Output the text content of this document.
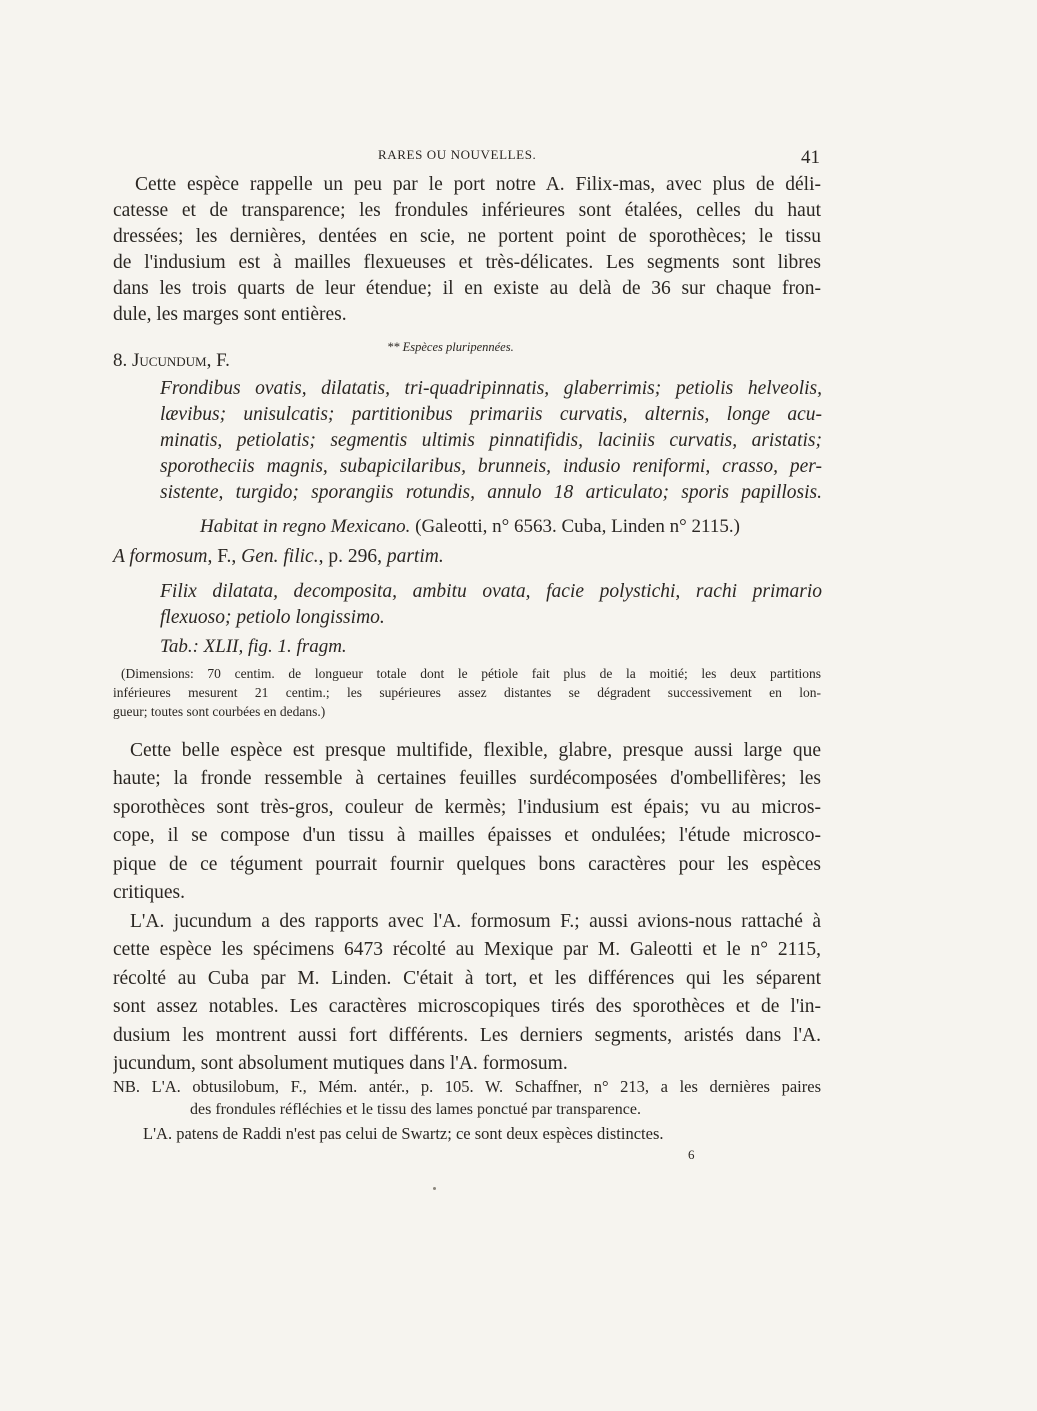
RARES OU NOUVELLES.	41
Cette espèce rappelle un peu par le port notre A. Filix-mas, avec plus de déli-
catesse et de transparence; les frondules inférieures sont étalées, celles du haut
dressées; les dernières, dentées en scie, ne portent point de sporothèces; le tissu
de l'indusium est à mailles flexueuses et très-délicates. Les segments sont libres
dans les trois quarts de leur étendue; il en existe au delà de 36 sur chaque fron-
dule, les marges sont entières.
** Espèces pluripennées.
8. Jucundum, F.
Frondibus ovatis, dilatatis, tri-quadripinnatis, glaberrimis; petiolis helveolis,
lævibus; unisulcatis; partitionibus primariis curvatis, alternis, longe acu-
minatis, petiolatis; segmentis ultimis pinnatifidis, laciniis curvatis, aristatis;
sporotheciis magnis, subapicilaribus, brunneis, indusio reniformi, crasso, per-
sistente, turgido; sporangiis rotundis, annulo 18 articulato; sporis papillosis.
Habitat in regno Mexicano. (Galeotti, n° 6563. Cuba, Linden n° 2115.)
A formosum, F., Gen. filic., p. 296, partim.
Filix dilatata, decomposita, ambitu ovata, facie polystichi, rachi primario
flexuoso; petiolo longissimo.
Tab.: XLII, fig. 1. fragm.
(Dimensions: 70 centim. de longueur totale dont le pétiole fait plus de la moitié; les deux partitions
inférieures mesurent 21 centim.; les supérieures assez distantes se dégradent successivement en lon-
gueur; toutes sont courbées en dedans.)
Cette belle espèce est presque multifide, flexible, glabre, presque aussi large que
haute; la fronde ressemble à certaines feuilles surdécomposées d'ombellifères; les
sporothèces sont très-gros, couleur de kermès; l'indusium est épais; vu au micros-
cope, il se compose d'un tissu à mailles épaisses et ondulées; l'étude microsco-
pique de ce tégument pourrait fournir quelques bons caractères pour les espèces
critiques.
L'A. jucundum a des rapports avec l'A. formosum F.; aussi avions-nous rattaché à
cette espèce les spécimens 6473 récolté au Mexique par M. Galeotti et le n° 2115,
récolté au Cuba par M. Linden. C'était à tort, et les différences qui les séparent
sont assez notables. Les caractères microscopiques tirés des sporothèces et de l'in-
dusium les montrent aussi fort différents. Les derniers segments, aristés dans l'A.
jucundum, sont absolument mutiques dans l'A. formosum.
NB. L'A. obtusilobum, F., Mém. antér., p. 105. W. Schaffner, n° 213, a les dernières paires
des frondules réfléchies et le tissu des lames ponctué par transparence.
L'A. patens de Raddi n'est pas celui de Swartz; ce sont deux espèces distinctes.
6
